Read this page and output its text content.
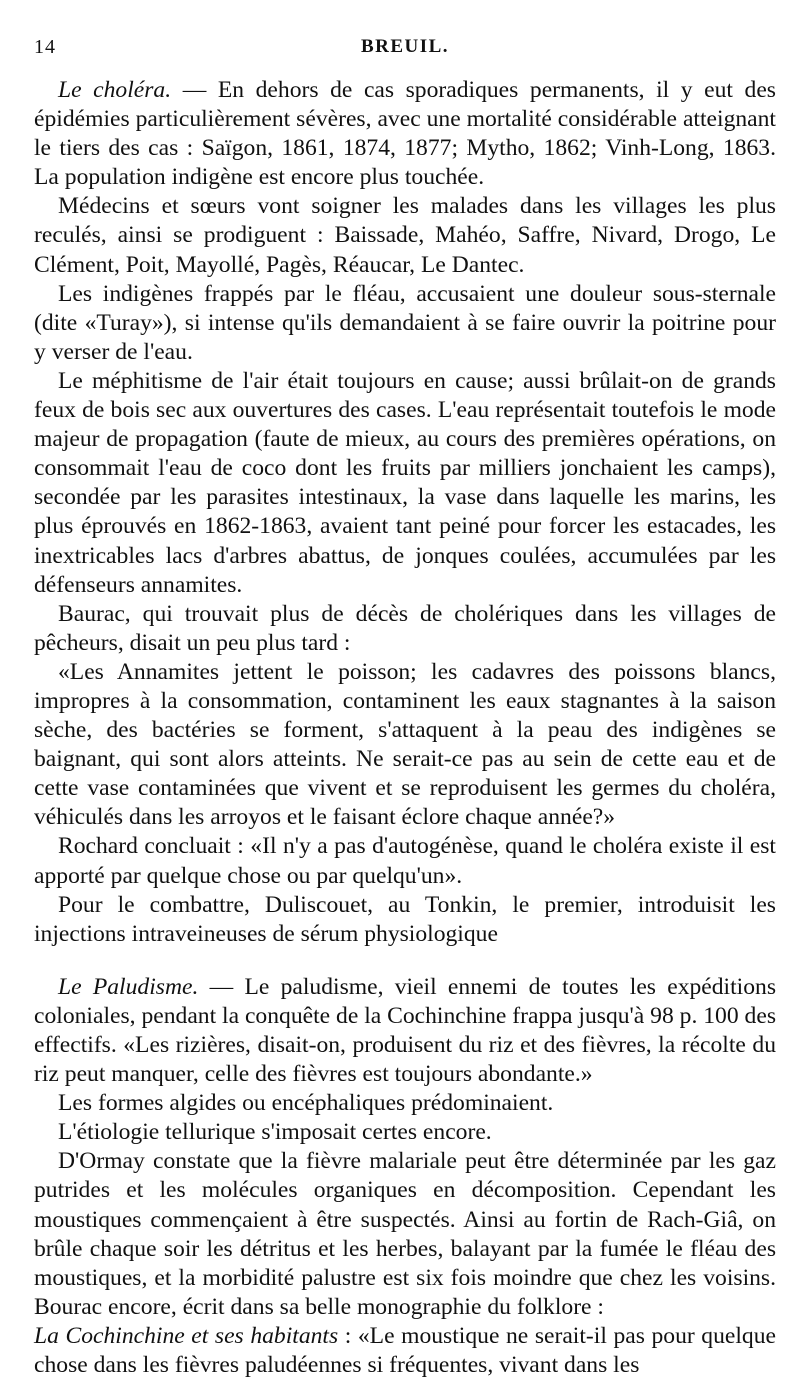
14	BREUIL.

Le choléra. — En dehors de cas sporadiques permanents, il y eut des épidémies particulièrement sévères, avec une mortalité considérable atteignant le tiers des cas : Saïgon, 1861, 1874, 1877; Mytho, 1862; Vinh-Long, 1863. La population indigène est encore plus touchée.

Médecins et sœurs vont soigner les malades dans les villages les plus reculés, ainsi se prodiguent : Baissade, Mahéo, Saffre, Nivard, Drogo, Le Clément, Poit, Mayollé, Pagès, Réaucar, Le Dantec.

Les indigènes frappés par le fléau, accusaient une douleur sous-sternale (dite «Turay»), si intense qu'ils demandaient à se faire ouvrir la poitrine pour y verser de l'eau.

Le méphitisme de l'air était toujours en cause; aussi brûlait-on de grands feux de bois sec aux ouvertures des cases. L'eau représentait toutefois le mode majeur de propagation (faute de mieux, au cours des premières opérations, on consommait l'eau de coco dont les fruits par milliers jonchaient les camps), secondée par les parasites intestinaux, la vase dans laquelle les marins, les plus éprouvés en 1862-1863, avaient tant peiné pour forcer les estacades, les inextricables lacs d'arbres abattus, de jonques coulées, accumulées par les défenseurs annamites.

Baurac, qui trouvait plus de décès de cholériques dans les villages de pêcheurs, disait un peu plus tard :

«Les Annamites jettent le poisson; les cadavres des poissons blancs, impropres à la consommation, contaminent les eaux stagnantes à la saison sèche, des bactéries se forment, s'attaquent à la peau des indigènes se baignant, qui sont alors atteints. Ne serait-ce pas au sein de cette eau et de cette vase contaminées que vivent et se reproduisent les germes du choléra, véhiculés dans les arroyos et le faisant éclore chaque année?»

Rochard concluait : «Il n'y a pas d'autogénèse, quand le choléra existe il est apporté par quelque chose ou par quelqu'un».

Pour le combattre, Duliscouet, au Tonkin, le premier, introduisit les injections intraveineuses de sérum physiologique

Le Paludisme. — Le paludisme, vieil ennemi de toutes les expéditions coloniales, pendant la conquête de la Cochinchine frappa jusqu'à 98 p. 100 des effectifs. «Les rizières, disait-on, produisent du riz et des fièvres, la récolte du riz peut manquer, celle des fièvres est toujours abondante.»

Les formes algides ou encéphaliques prédominaient.

L'étiologie tellurique s'imposait certes encore.

D'Ormay constate que la fièvre malariale peut être déterminée par les gaz putrides et les molécules organiques en décomposition. Cependant les moustiques commençaient à être suspectés. Ainsi au fortin de Rach-Giâ, on brûle chaque soir les détritus et les herbes, balayant par la fumée le fléau des moustiques, et la morbidité palustre est six fois moindre que chez les voisins. Bourac encore, écrit dans sa belle monographie du folklore :

La Cochinchine et ses habitants : «Le moustique ne serait-il pas pour quelque chose dans les fièvres paludéennes si fréquentes, vivant dans les
